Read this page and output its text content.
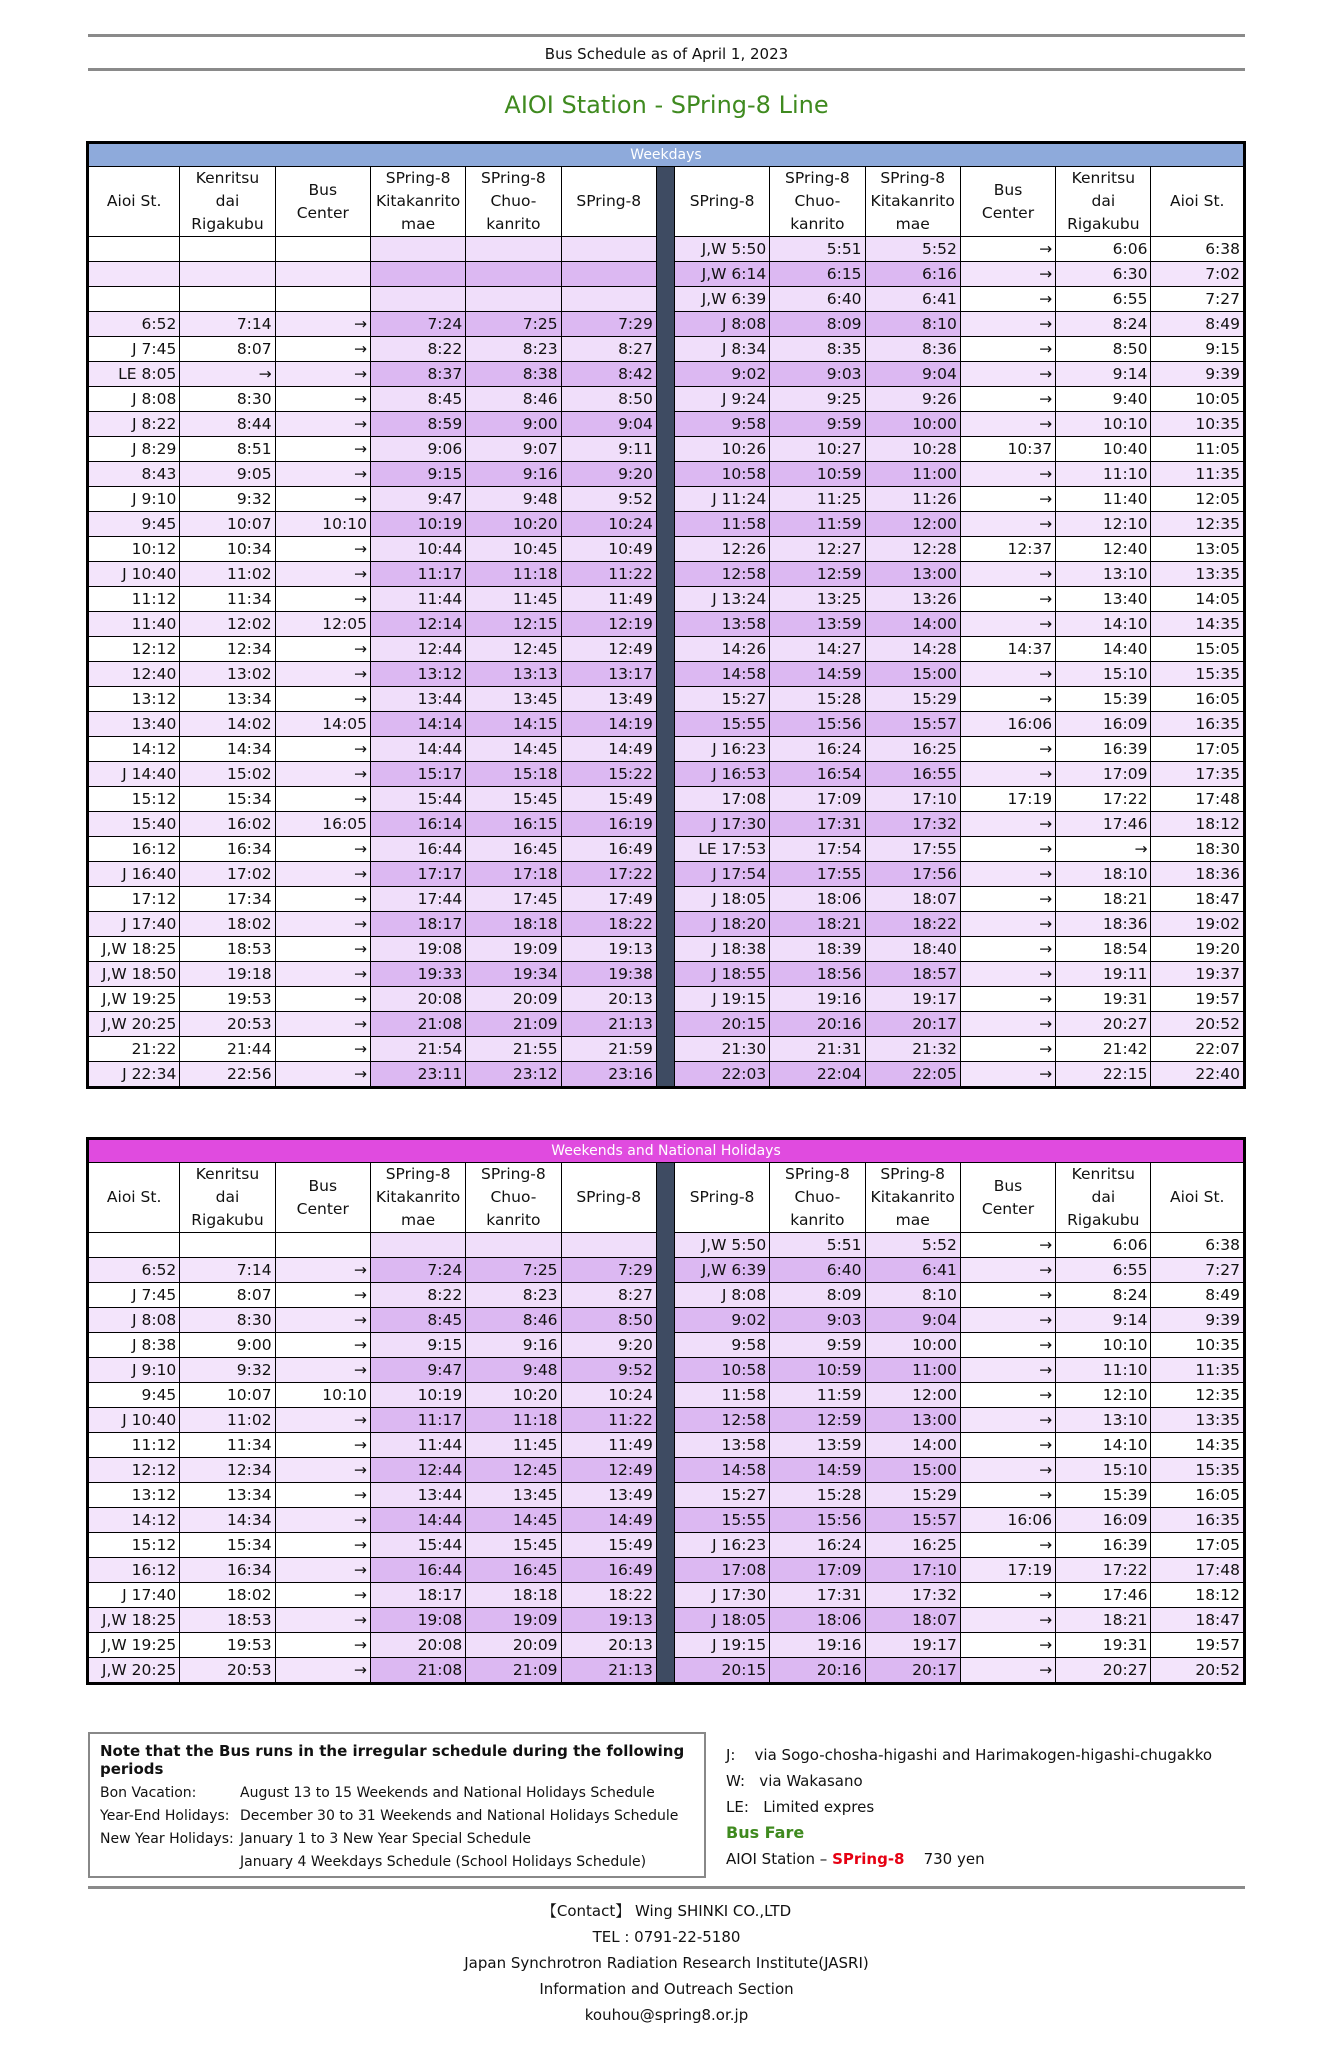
Bus Schedule as of April 1, 2023
AIOI Station - SPring-8 Line
Weekdays												
Aioi St.	Kenritsu
dai
Rigakubu	Bus
Center	SPring-8
Kitakanrito
mae	SPring-8
Chuo-
kanrito	SPring-8		SPring-8	SPring-8
Chuo-
kanrito	SPring-8
Kitakanrito
mae	Bus
Center	Kenritsu
dai
Rigakubu	Aioi St.
							J,W 5:50	5:51	5:52	→	6:06	6:38
							J,W 6:14	6:15	6:16	→	6:30	7:02
							J,W 6:39	6:40	6:41	→	6:55	7:27
6:52	7:14	→	7:24	7:25	7:29		J 8:08	8:09	8:10	→	8:24	8:49
J 7:45	8:07	→	8:22	8:23	8:27		J 8:34	8:35	8:36	→	8:50	9:15
LE 8:05	→	→	8:37	8:38	8:42		9:02	9:03	9:04	→	9:14	9:39
J 8:08	8:30	→	8:45	8:46	8:50		J 9:24	9:25	9:26	→	9:40	10:05
J 8:22	8:44	→	8:59	9:00	9:04		9:58	9:59	10:00	→	10:10	10:35
J 8:29	8:51	→	9:06	9:07	9:11		10:26	10:27	10:28	10:37	10:40	11:05
8:43	9:05	→	9:15	9:16	9:20		10:58	10:59	11:00	→	11:10	11:35
J 9:10	9:32	→	9:47	9:48	9:52		J 11:24	11:25	11:26	→	11:40	12:05
9:45	10:07	10:10	10:19	10:20	10:24		11:58	11:59	12:00	→	12:10	12:35
10:12	10:34	→	10:44	10:45	10:49		12:26	12:27	12:28	12:37	12:40	13:05
J 10:40	11:02	→	11:17	11:18	11:22		12:58	12:59	13:00	→	13:10	13:35
11:12	11:34	→	11:44	11:45	11:49		J 13:24	13:25	13:26	→	13:40	14:05
11:40	12:02	12:05	12:14	12:15	12:19		13:58	13:59	14:00	→	14:10	14:35
12:12	12:34	→	12:44	12:45	12:49		14:26	14:27	14:28	14:37	14:40	15:05
12:40	13:02	→	13:12	13:13	13:17		14:58	14:59	15:00	→	15:10	15:35
13:12	13:34	→	13:44	13:45	13:49		15:27	15:28	15:29	→	15:39	16:05
13:40	14:02	14:05	14:14	14:15	14:19		15:55	15:56	15:57	16:06	16:09	16:35
14:12	14:34	→	14:44	14:45	14:49		J 16:23	16:24	16:25	→	16:39	17:05
J 14:40	15:02	→	15:17	15:18	15:22		J 16:53	16:54	16:55	→	17:09	17:35
15:12	15:34	→	15:44	15:45	15:49		17:08	17:09	17:10	17:19	17:22	17:48
15:40	16:02	16:05	16:14	16:15	16:19		J 17:30	17:31	17:32	→	17:46	18:12
16:12	16:34	→	16:44	16:45	16:49		LE 17:53	17:54	17:55	→	→	18:30
J 16:40	17:02	→	17:17	17:18	17:22		J 17:54	17:55	17:56	→	18:10	18:36
17:12	17:34	→	17:44	17:45	17:49		J 18:05	18:06	18:07	→	18:21	18:47
J 17:40	18:02	→	18:17	18:18	18:22		J 18:20	18:21	18:22	→	18:36	19:02
J,W 18:25	18:53	→	19:08	19:09	19:13		J 18:38	18:39	18:40	→	18:54	19:20
J,W 18:50	19:18	→	19:33	19:34	19:38		J 18:55	18:56	18:57	→	19:11	19:37
J,W 19:25	19:53	→	20:08	20:09	20:13		J 19:15	19:16	19:17	→	19:31	19:57
J,W 20:25	20:53	→	21:08	21:09	21:13		20:15	20:16	20:17	→	20:27	20:52
21:22	21:44	→	21:54	21:55	21:59		21:30	21:31	21:32	→	21:42	22:07
J 22:34	22:56	→	23:11	23:12	23:16		22:03	22:04	22:05	→	22:15	22:40
Weekends and National Holidays												
Aioi St.	Kenritsu
dai
Rigakubu	Bus
Center	SPring-8
Kitakanrito
mae	SPring-8
Chuo-
kanrito	SPring-8		SPring-8	SPring-8
Chuo-
kanrito	SPring-8
Kitakanrito
mae	Bus
Center	Kenritsu
dai
Rigakubu	Aioi St.
							J,W 5:50	5:51	5:52	→	6:06	6:38
6:52	7:14	→	7:24	7:25	7:29		J,W 6:39	6:40	6:41	→	6:55	7:27
J 7:45	8:07	→	8:22	8:23	8:27		J 8:08	8:09	8:10	→	8:24	8:49
J 8:08	8:30	→	8:45	8:46	8:50		9:02	9:03	9:04	→	9:14	9:39
J 8:38	9:00	→	9:15	9:16	9:20		9:58	9:59	10:00	→	10:10	10:35
J 9:10	9:32	→	9:47	9:48	9:52		10:58	10:59	11:00	→	11:10	11:35
9:45	10:07	10:10	10:19	10:20	10:24		11:58	11:59	12:00	→	12:10	12:35
J 10:40	11:02	→	11:17	11:18	11:22		12:58	12:59	13:00	→	13:10	13:35
11:12	11:34	→	11:44	11:45	11:49		13:58	13:59	14:00	→	14:10	14:35
12:12	12:34	→	12:44	12:45	12:49		14:58	14:59	15:00	→	15:10	15:35
13:12	13:34	→	13:44	13:45	13:49		15:27	15:28	15:29	→	15:39	16:05
14:12	14:34	→	14:44	14:45	14:49		15:55	15:56	15:57	16:06	16:09	16:35
15:12	15:34	→	15:44	15:45	15:49		J 16:23	16:24	16:25	→	16:39	17:05
16:12	16:34	→	16:44	16:45	16:49		17:08	17:09	17:10	17:19	17:22	17:48
J 17:40	18:02	→	18:17	18:18	18:22		J 17:30	17:31	17:32	→	17:46	18:12
J,W 18:25	18:53	→	19:08	19:09	19:13		J 18:05	18:06	18:07	→	18:21	18:47
J,W 19:25	19:53	→	20:08	20:09	20:13		J 19:15	19:16	19:17	→	19:31	19:57
J,W 20:25	20:53	→	21:08	21:09	21:13		20:15	20:16	20:17	→	20:27	20:52
Note that the Bus runs in the irregular schedule during the following periods
Bon Vacation:	August 13 to 15 Weekends and National Holidays Schedule
Year-End Holidays: December 30 to 31 Weekends and National Holidays Schedule
New Year Holidays: January 1 to 3 New Year Special Schedule
January 4 Weekdays Schedule (School Holidays Schedule)
J:    via Sogo-chosha-higashi and Harimakogen-higashi-chugakko
W:   via Wakasano
LE:   Limited expres
Bus Fare
AIOI Station – SPring-8 730 yen
【Contact】 Wing SHINKI CO.,LTD
TEL : 0791-22-5180
Japan Synchrotron Radiation Research Institute(JASRI)
Information and Outreach Section
kouhou@spring8.or.jp
